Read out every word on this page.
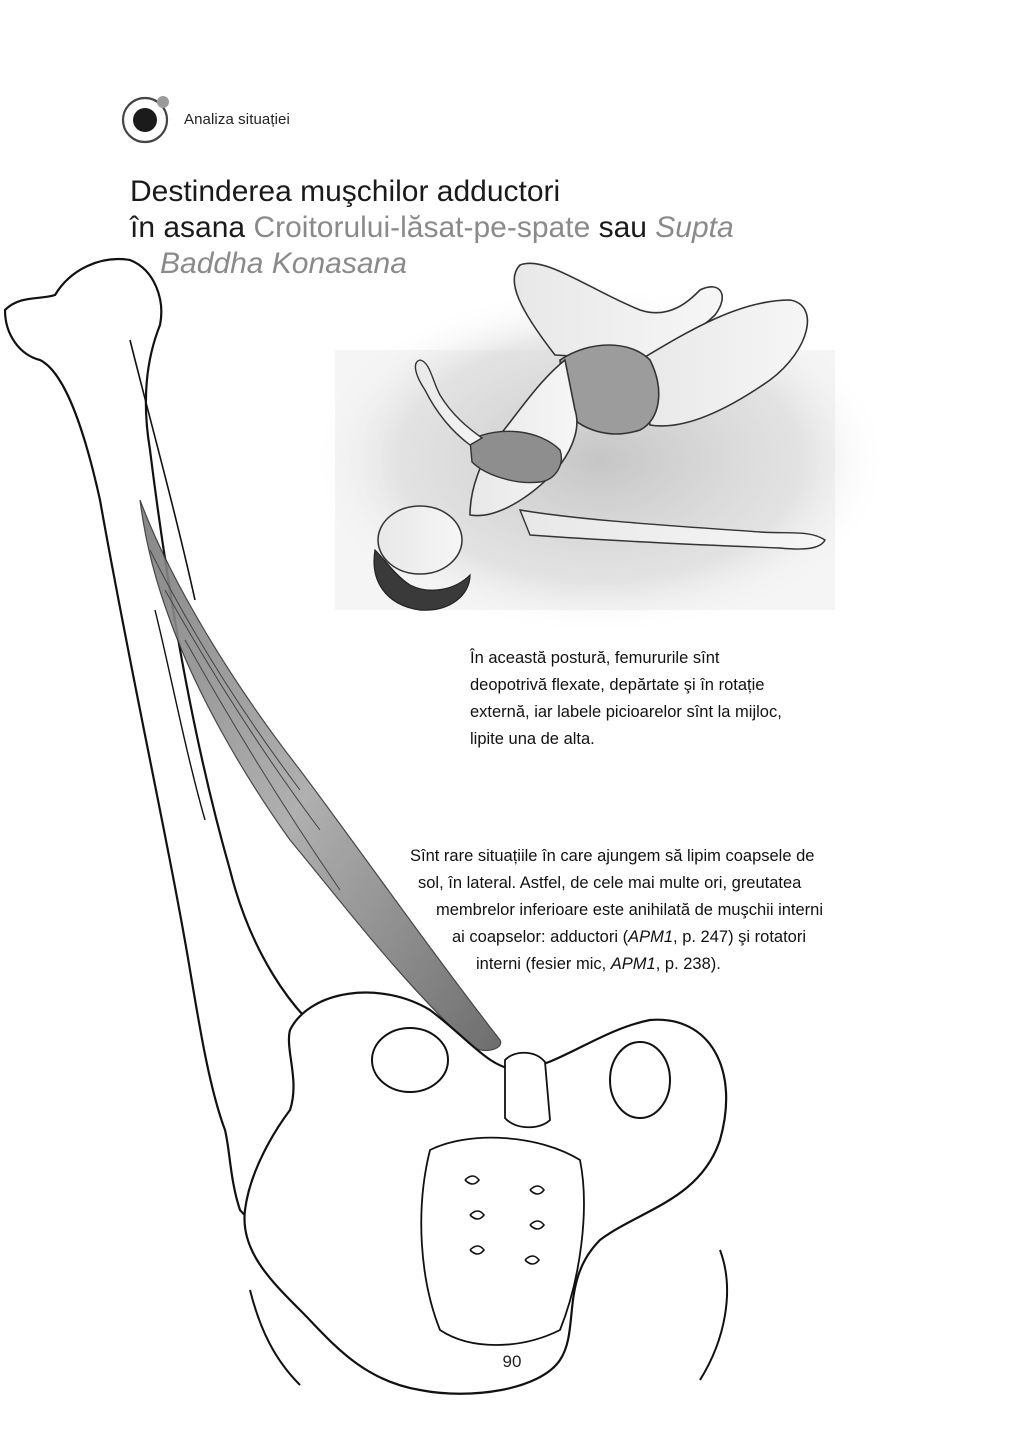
Analiza situației
Destinderea muşchilor adductori
în asana Croitorului-lăsat-pe-spate sau Supta
Baddha Konasana
În această postură, femururile sînt
deopotrivă flexate, depărtate şi în rotație
externă, iar labele picioarelor sînt la mijloc,
lipite una de alta.
Sînt rare situațiile în care ajungem să lipim coapsele de
sol, în lateral. Astfel, de cele mai multe ori, greutatea
membrelor inferioare este anihilată de muşchii interni
ai coapselor: adductori (APM1, p. 247) şi rotatori
interni (fesier mic, APM1, p. 238).
90
